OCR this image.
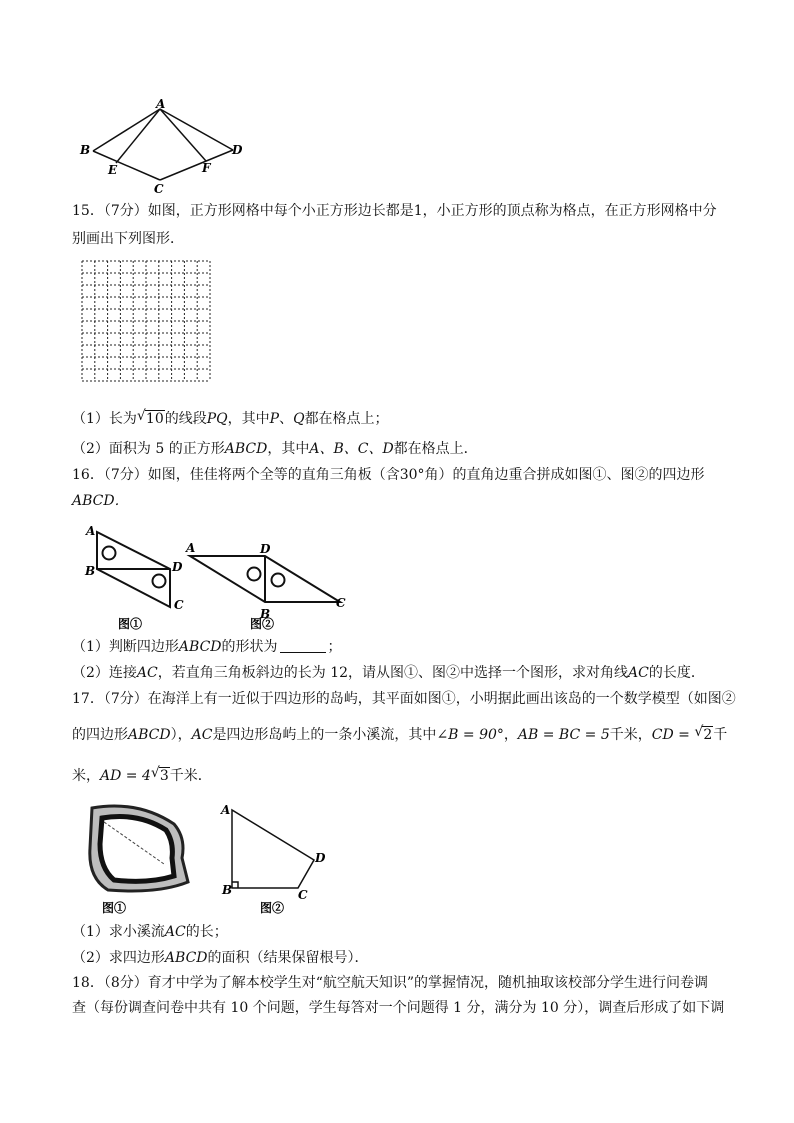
A
B
C
D
E	F
15．（7分）如图，正方形网格中每个小正方形边长都是1，小正方形的顶点称为格点，在正方形网格中分
别画出下列图形．
（1）长为 √ 10的线段PQ，其中P、Q都在格点上；
（2）面积为 5 的正方形ABCD，其中A、B、C、D都在格点上．
16．（7分）如图，佳佳将两个全等的直角三角板（含30°角）的直角边重合拼成如图①、图②的四边形
ABCD．
A
B	D
C
图①
A	D
B
C
图②
（1）判断四边形ABCD的形状为	；
（2）连接AC，若直角三角板斜边的长为 12，请从图①、图②中选择一个图形，求对角线AC的长度．
17．（7分）在海洋上有一近似于四边形的岛屿，其平面如图①，小明据此画出该岛的一个数学模型（如图②
的四边形ABCD），AC是四边形岛屿上的一条小溪流，其中∠B = 90°，AB = BC = 5千米，CD = √ 2千
米，AD = 4 √ 3千米．
图①
A
B	C
D
图②
（1）求小溪流AC的长；
（2）求四边形ABCD的面积（结果保留根号）．
18．（8分）育才中学为了解本校学生对“航空航天知识”的掌握情况，随机抽取该校部分学生进行问卷调
查（每份调查问卷中共有 10 个问题，学生每答对一个问题得 1 分，满分为 10 分），调查后形成了如下调
